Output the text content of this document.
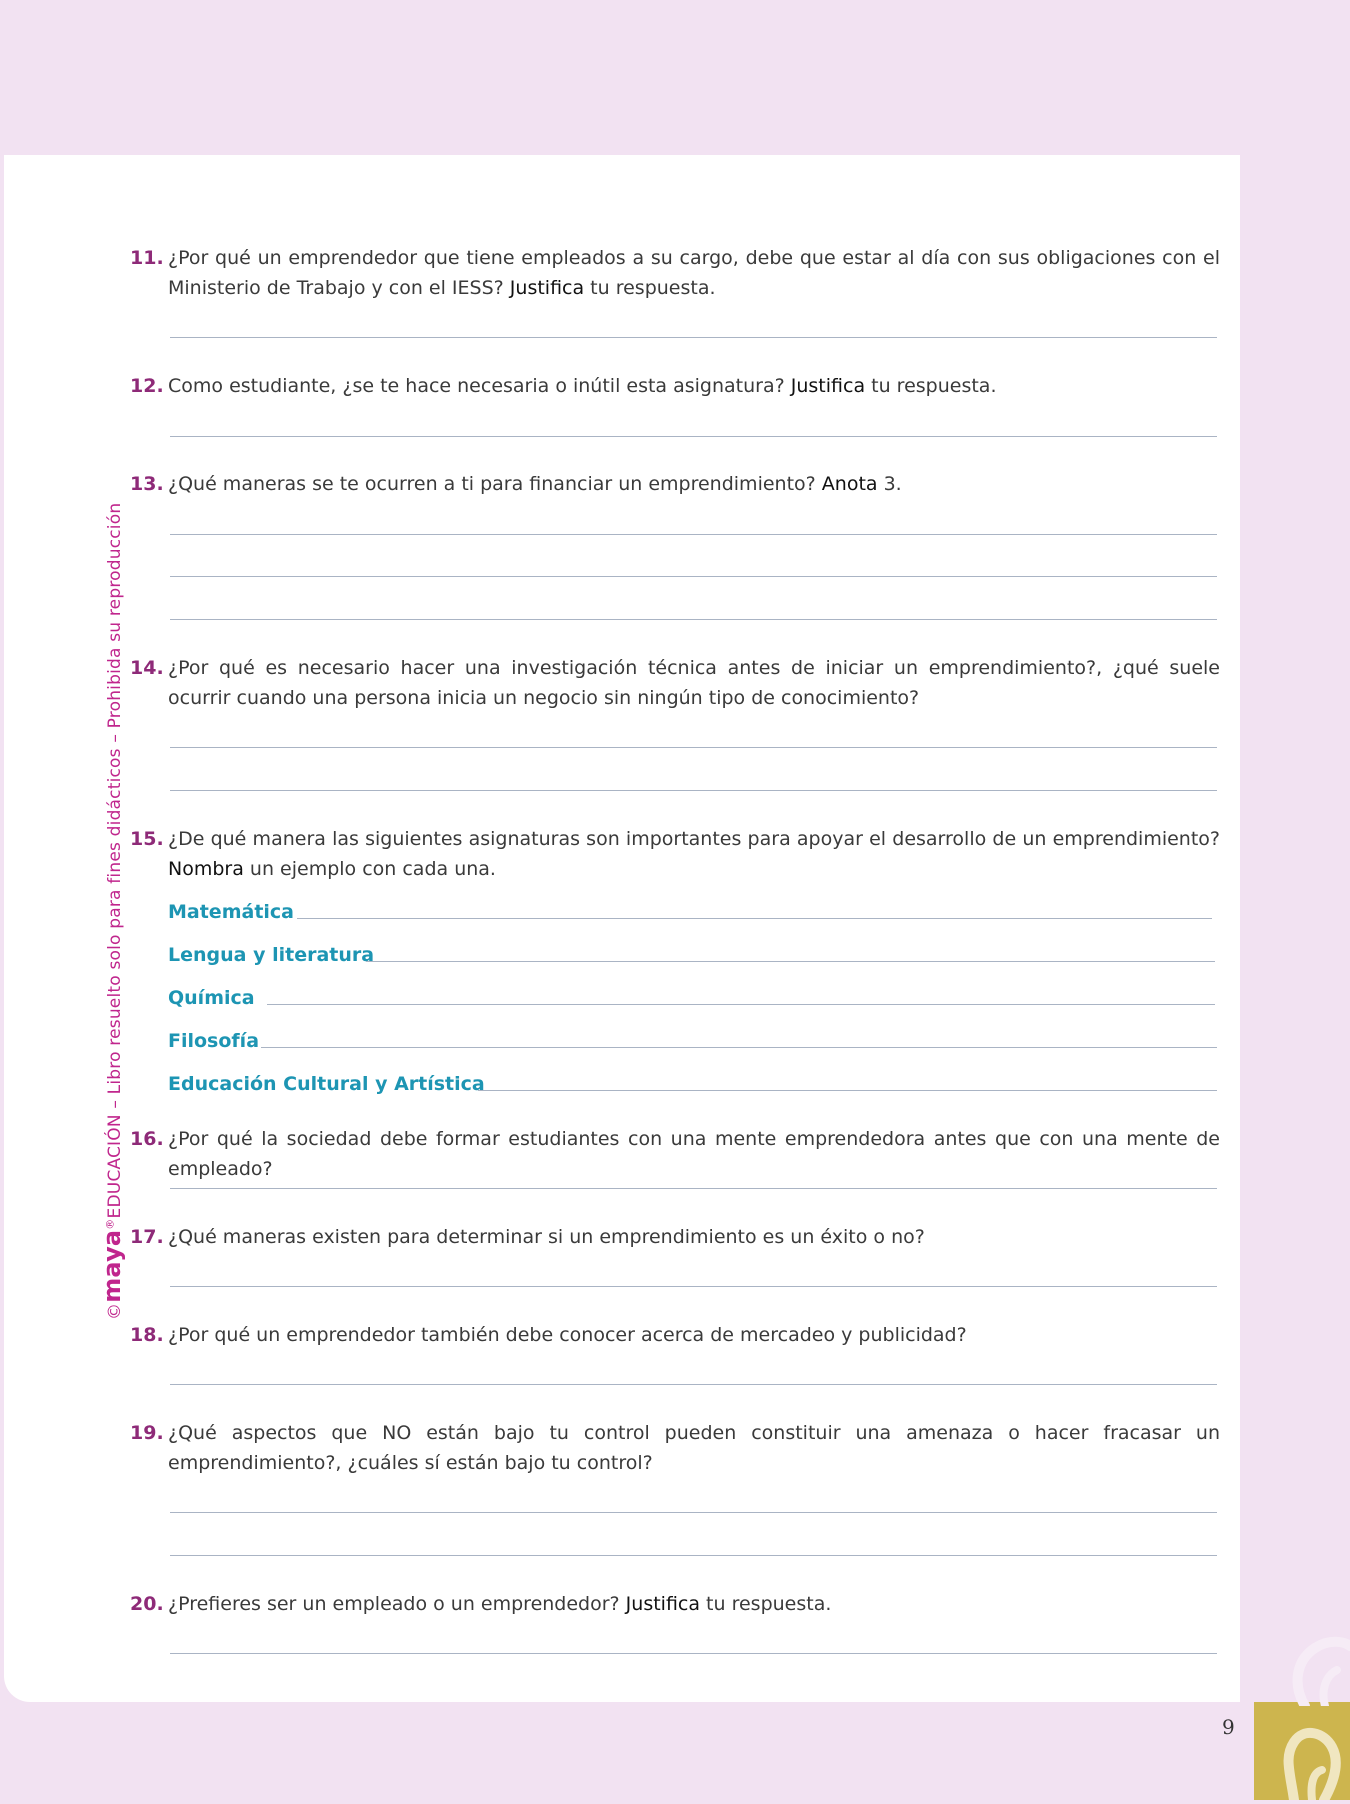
©maya®EDUCACIÓN – Libro resuelto solo para fines didácticos – Prohibida su reproducción
11. ¿Por qué un emprendedor que tiene empleados a su cargo, debe que estar al día con sus obligaciones con el Ministerio de Trabajo y con el IESS? Justifica tu respuesta.
12. Como estudiante, ¿se te hace necesaria o inútil esta asignatura? Justifica tu respuesta.
13. ¿Qué maneras se te ocurren a ti para financiar un emprendimiento? Anota 3.
14. ¿Por qué es necesario hacer una investigación técnica antes de iniciar un emprendimiento?, ¿qué suele ocurrir cuando una persona inicia un negocio sin ningún tipo de conocimiento?
15. ¿De qué manera las siguientes asignaturas son importantes para apoyar el desarrollo de un emprendimiento? Nombra un ejemplo con cada una.
Matemática
Lengua y literatura
Química
Filosofía
Educación Cultural y Artística
16. ¿Por qué la sociedad debe formar estudiantes con una mente emprendedora antes que con una mente de empleado?
17. ¿Qué maneras existen para determinar si un emprendimiento es un éxito o no?
18. ¿Por qué un emprendedor también debe conocer acerca de mercadeo y publicidad?
19. ¿Qué aspectos que NO están bajo tu control pueden constituir una amenaza o hacer fracasar un emprendimiento?, ¿cuáles sí están bajo tu control?
20. ¿Prefieres ser un empleado o un emprendedor? Justifica tu respuesta.
9
